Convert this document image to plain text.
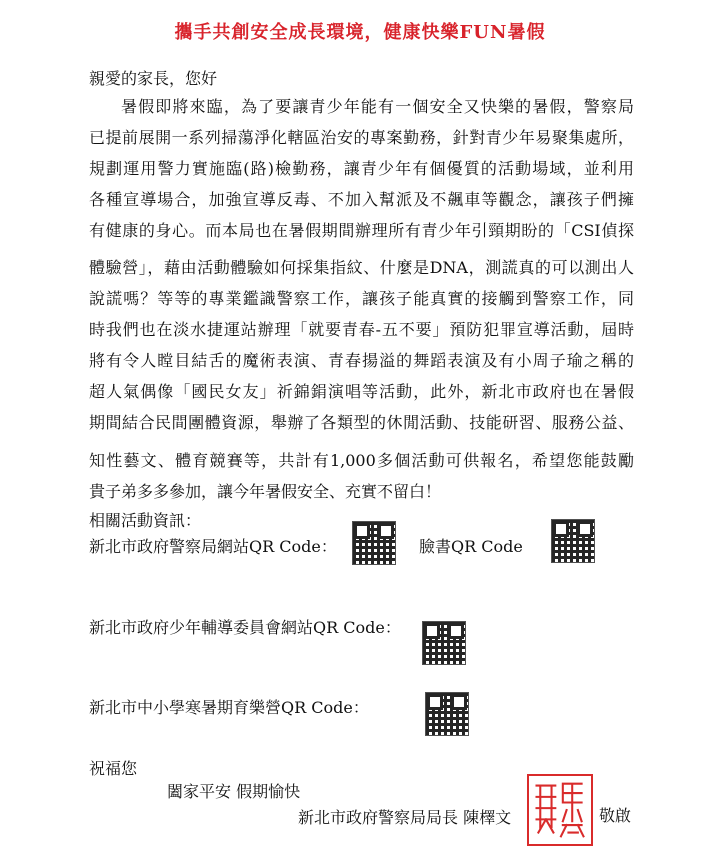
攜手共創安全成長環境，健康快樂FUN暑假
親愛的家長，您好
暑假即將來臨，為了要讓青少年能有一個安全又快樂的暑假，警察局
已提前展開一系列掃蕩淨化轄區治安的專案勤務，針對青少年易聚集處所，
規劃運用警力實施臨(路)檢勤務，讓青少年有個優質的活動場域，並利用
各種宣導場合，加強宣導反毒、不加入幫派及不飆車等觀念，讓孩子們擁
有健康的身心。而本局也在暑假期間辦理所有青少年引頸期盼的「CSI偵探
體驗營」，藉由活動體驗如何採集指紋、什麼是DNA，測謊真的可以測出人
說謊嗎？等等的專業鑑識警察工作，讓孩子能真實的接觸到警察工作，同
時我們也在淡水捷運站辦理「就要青春-五不要」預防犯罪宣導活動，屆時
將有令人瞠目結舌的魔術表演、青春揚溢的舞蹈表演及有小周子瑜之稱的
超人氣偶像「國民女友」祈錦鋗演唱等活動，此外，新北市政府也在暑假
期間結合民間團體資源，舉辦了各類型的休閒活動、技能研習、服務公益、
知性藝文、體育競賽等，共計有1,000多個活動可供報名，希望您能鼓勵
貴子弟多多參加，讓今年暑假安全、充實不留白！
相關活動資訊：
新北市政府警察局網站QR Code：	臉書QR Code
新北市政府少年輔導委員會網站QR Code：
新北市中小學寒暑期育樂營QR Code：
祝福您
闔家平安 假期愉快
新北市政府警察局局長 陳檡文	敬啟
